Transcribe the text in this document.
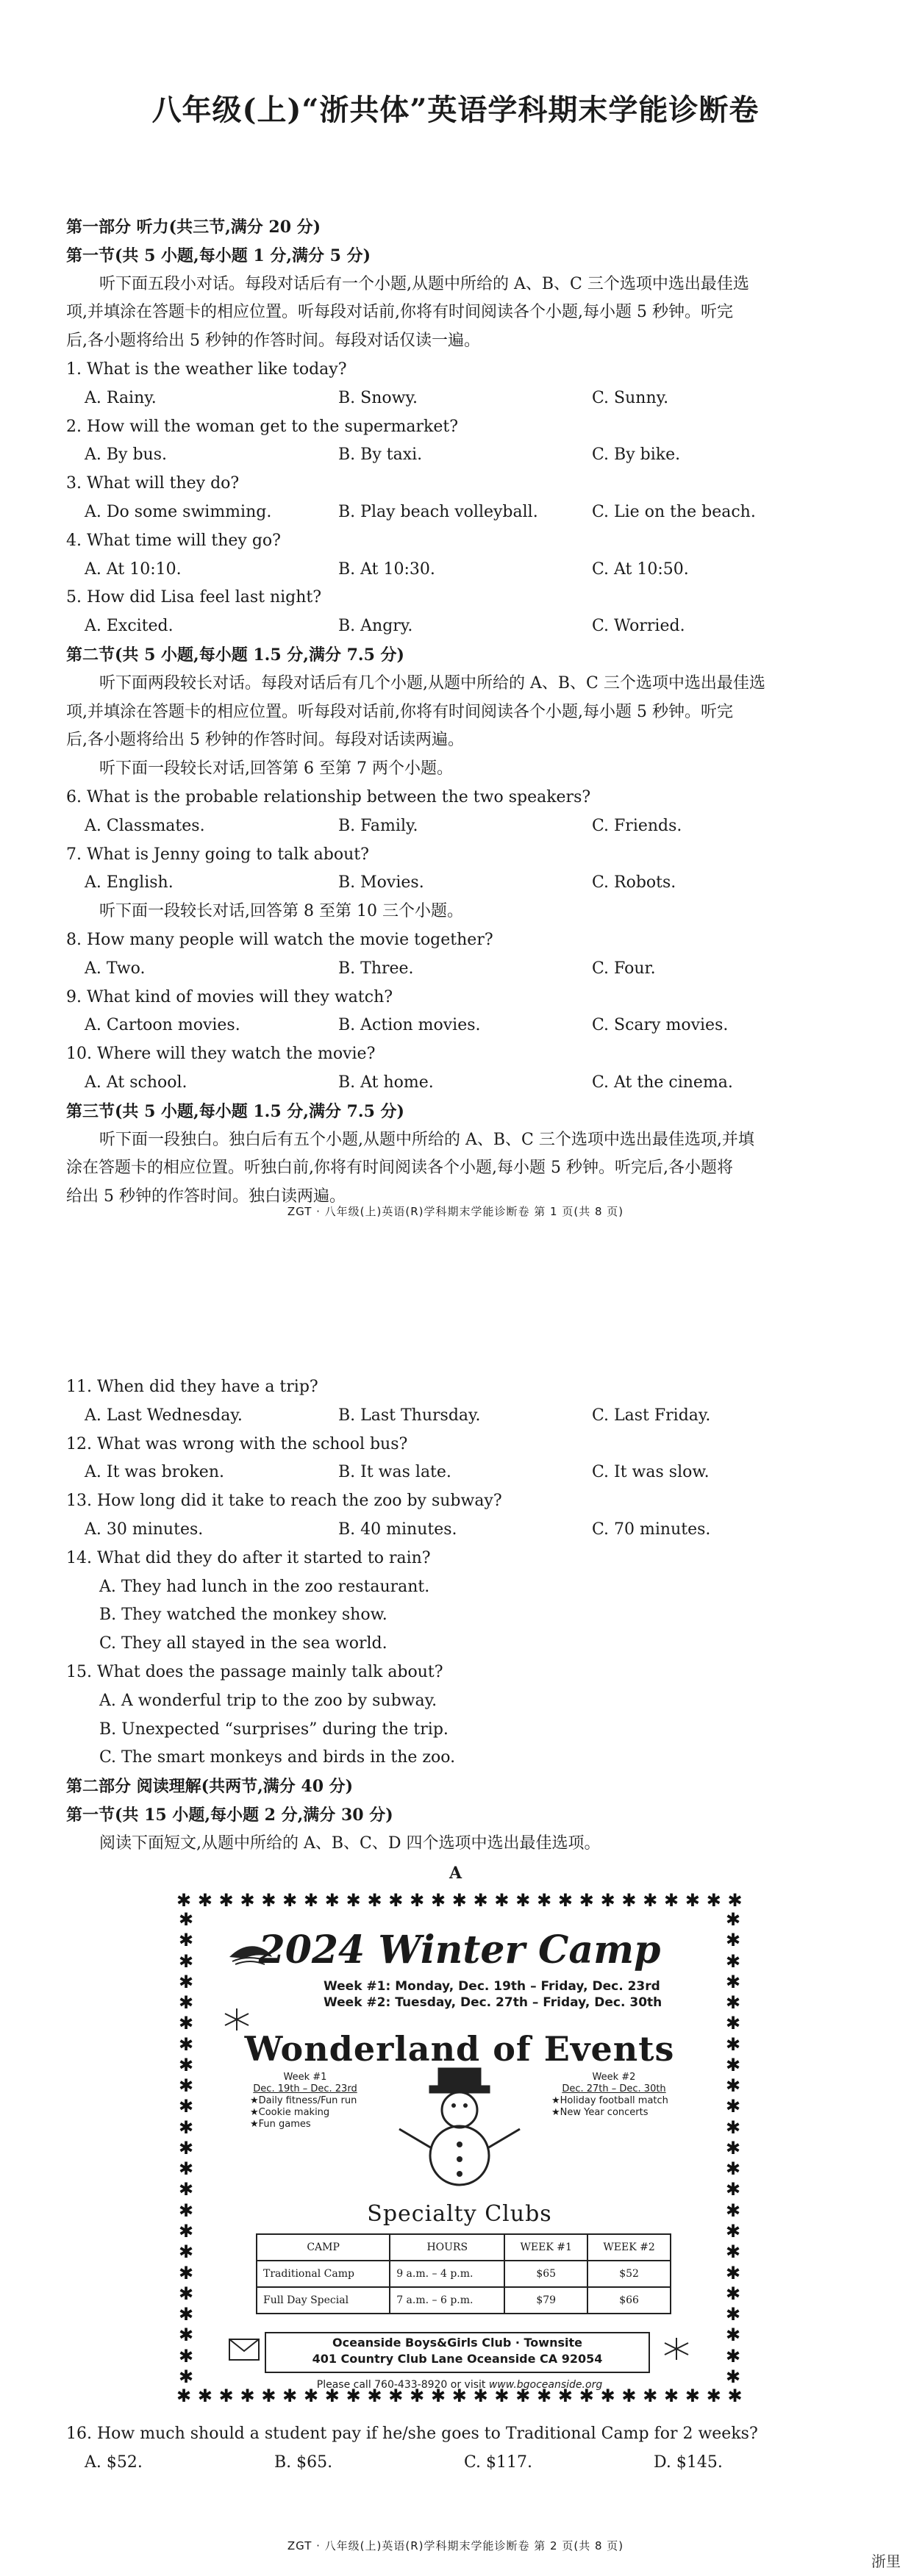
八年级(上)“浙共体”英语学科期末学能诊断卷
第一部分 听力(共三节,满分 20 分)
第一节(共 5 小题,每小题 1 分,满分 5 分)
听下面五段小对话。每段对话后有一个小题,从题中所给的 A、B、C 三个选项中选出最佳选
项,并填涂在答题卡的相应位置。听每段对话前,你将有时间阅读各个小题,每小题 5 秒钟。听完
后,各小题将给出 5 秒钟的作答时间。每段对话仅读一遍。
1. What is the weather like today?
A. Rainy.	B. Snowy.	C. Sunny.
2. How will the woman get to the supermarket?
A. By bus.	B. By taxi.	C. By bike.
3. What will they do?
A. Do some swimming.	B. Play beach volleyball.	C. Lie on the beach.
4. What time will they go?
A. At 10:10.	B. At 10:30.	C. At 10:50.
5. How did Lisa feel last night?
A. Excited.	B. Angry.	C. Worried.
第二节(共 5 小题,每小题 1.5 分,满分 7.5 分)
听下面两段较长对话。每段对话后有几个小题,从题中所给的 A、B、C 三个选项中选出最佳选
项,并填涂在答题卡的相应位置。听每段对话前,你将有时间阅读各个小题,每小题 5 秒钟。听完
后,各小题将给出 5 秒钟的作答时间。每段对话读两遍。
听下面一段较长对话,回答第 6 至第 7 两个小题。
6. What is the probable relationship between the two speakers?
A. Classmates.	B. Family.	C. Friends.
7. What is Jenny going to talk about?
A. English.	B. Movies.	C. Robots.
听下面一段较长对话,回答第 8 至第 10 三个小题。
8. How many people will watch the movie together?
A. Two.	B. Three.	C. Four.
9. What kind of movies will they watch?
A. Cartoon movies.	B. Action movies.	C. Scary movies.
10. Where will they watch the movie?
A. At school.	B. At home.	C. At the cinema.
第三节(共 5 小题,每小题 1.5 分,满分 7.5 分)
听下面一段独白。独白后有五个小题,从题中所给的 A、B、C 三个选项中选出最佳选项,并填
涂在答题卡的相应位置。听独白前,你将有时间阅读各个小题,每小题 5 秒钟。听完后,各小题将
给出 5 秒钟的作答时间。独白读两遍。
ZGT · 八年级(上)英语(R)学科期末学能诊断卷 第 1 页(共 8 页)
11. When did they have a trip?
A. Last Wednesday.	B. Last Thursday.	C. Last Friday.
12. What was wrong with the school bus?
A. It was broken.	B. It was late.	C. It was slow.
13. How long did it take to reach the zoo by subway?
A. 30 minutes.	B. 40 minutes.	C. 70 minutes.
14. What did they do after it started to rain?
A. They had lunch in the zoo restaurant.
B. They watched the monkey show.
C. They all stayed in the sea world.
15. What does the passage mainly talk about?
A. A wonderful trip to the zoo by subway.
B. Unexpected “surprises” during the trip.
C. The smart monkeys and birds in the zoo.
第二部分 阅读理解(共两节,满分 40 分)
第一节(共 15 小题,每小题 2 分,满分 30 分)
阅读下面短文,从题中所给的 A、B、C、D 四个选项中选出最佳选项。
A
✱ ✱ ✱ ✱ ✱ ✱ ✱ ✱ ✱ ✱ ✱ ✱ ✱ ✱ ✱ ✱ ✱ ✱ ✱ ✱ ✱ ✱ ✱ ✱ ✱ ✱ ✱
✱ ✱ ✱ ✱ ✱ ✱ ✱ ✱ ✱ ✱ ✱ ✱ ✱ ✱ ✱ ✱ ✱ ✱ ✱ ✱ ✱ ✱ ✱ ✱ ✱ ✱ ✱
✱
✱
✱
✱
✱
✱
✱
✱
✱
✱
✱
✱
✱
✱
✱
✱
✱
✱
✱
✱
✱
✱
✱
✱
✱
✱
✱
✱
✱
✱
✱
✱
✱
✱
✱
✱
✱
✱
✱
✱
✱
✱
✱
✱
✱
✱
2024 Winter Camp
Week #1: Monday, Dec. 19th – Friday, Dec. 23rd
Week #2: Tuesday, Dec. 27th – Friday, Dec. 30th
Wonderland of Events
Week #1
Dec. 19th – Dec. 23rd
★Daily fitness/Fun run
★Cookie making
★Fun games
Week #2
Dec. 27th – Dec. 30th
★Holiday football match
★New Year concerts
Specialty Clubs
CAMP	HOURS	WEEK #1	WEEK #2
Traditional Camp	9 a.m. – 4 p.m.	$65	$52
Full Day Special	7 a.m. – 6 p.m.	$79	$66
Oceanside Boys&Girls Club · Townsite
401 Country Club Lane Oceanside CA 92054
Please call 760-433-8920 or visit www.bgoceanside.org
16. How much should a student pay if he/she goes to Traditional Camp for 2 weeks?
A. $52.	B. $65.	C. $117.	D. $145.
ZGT · 八年级(上)英语(R)学科期末学能诊断卷 第 2 页(共 8 页)
浙里
